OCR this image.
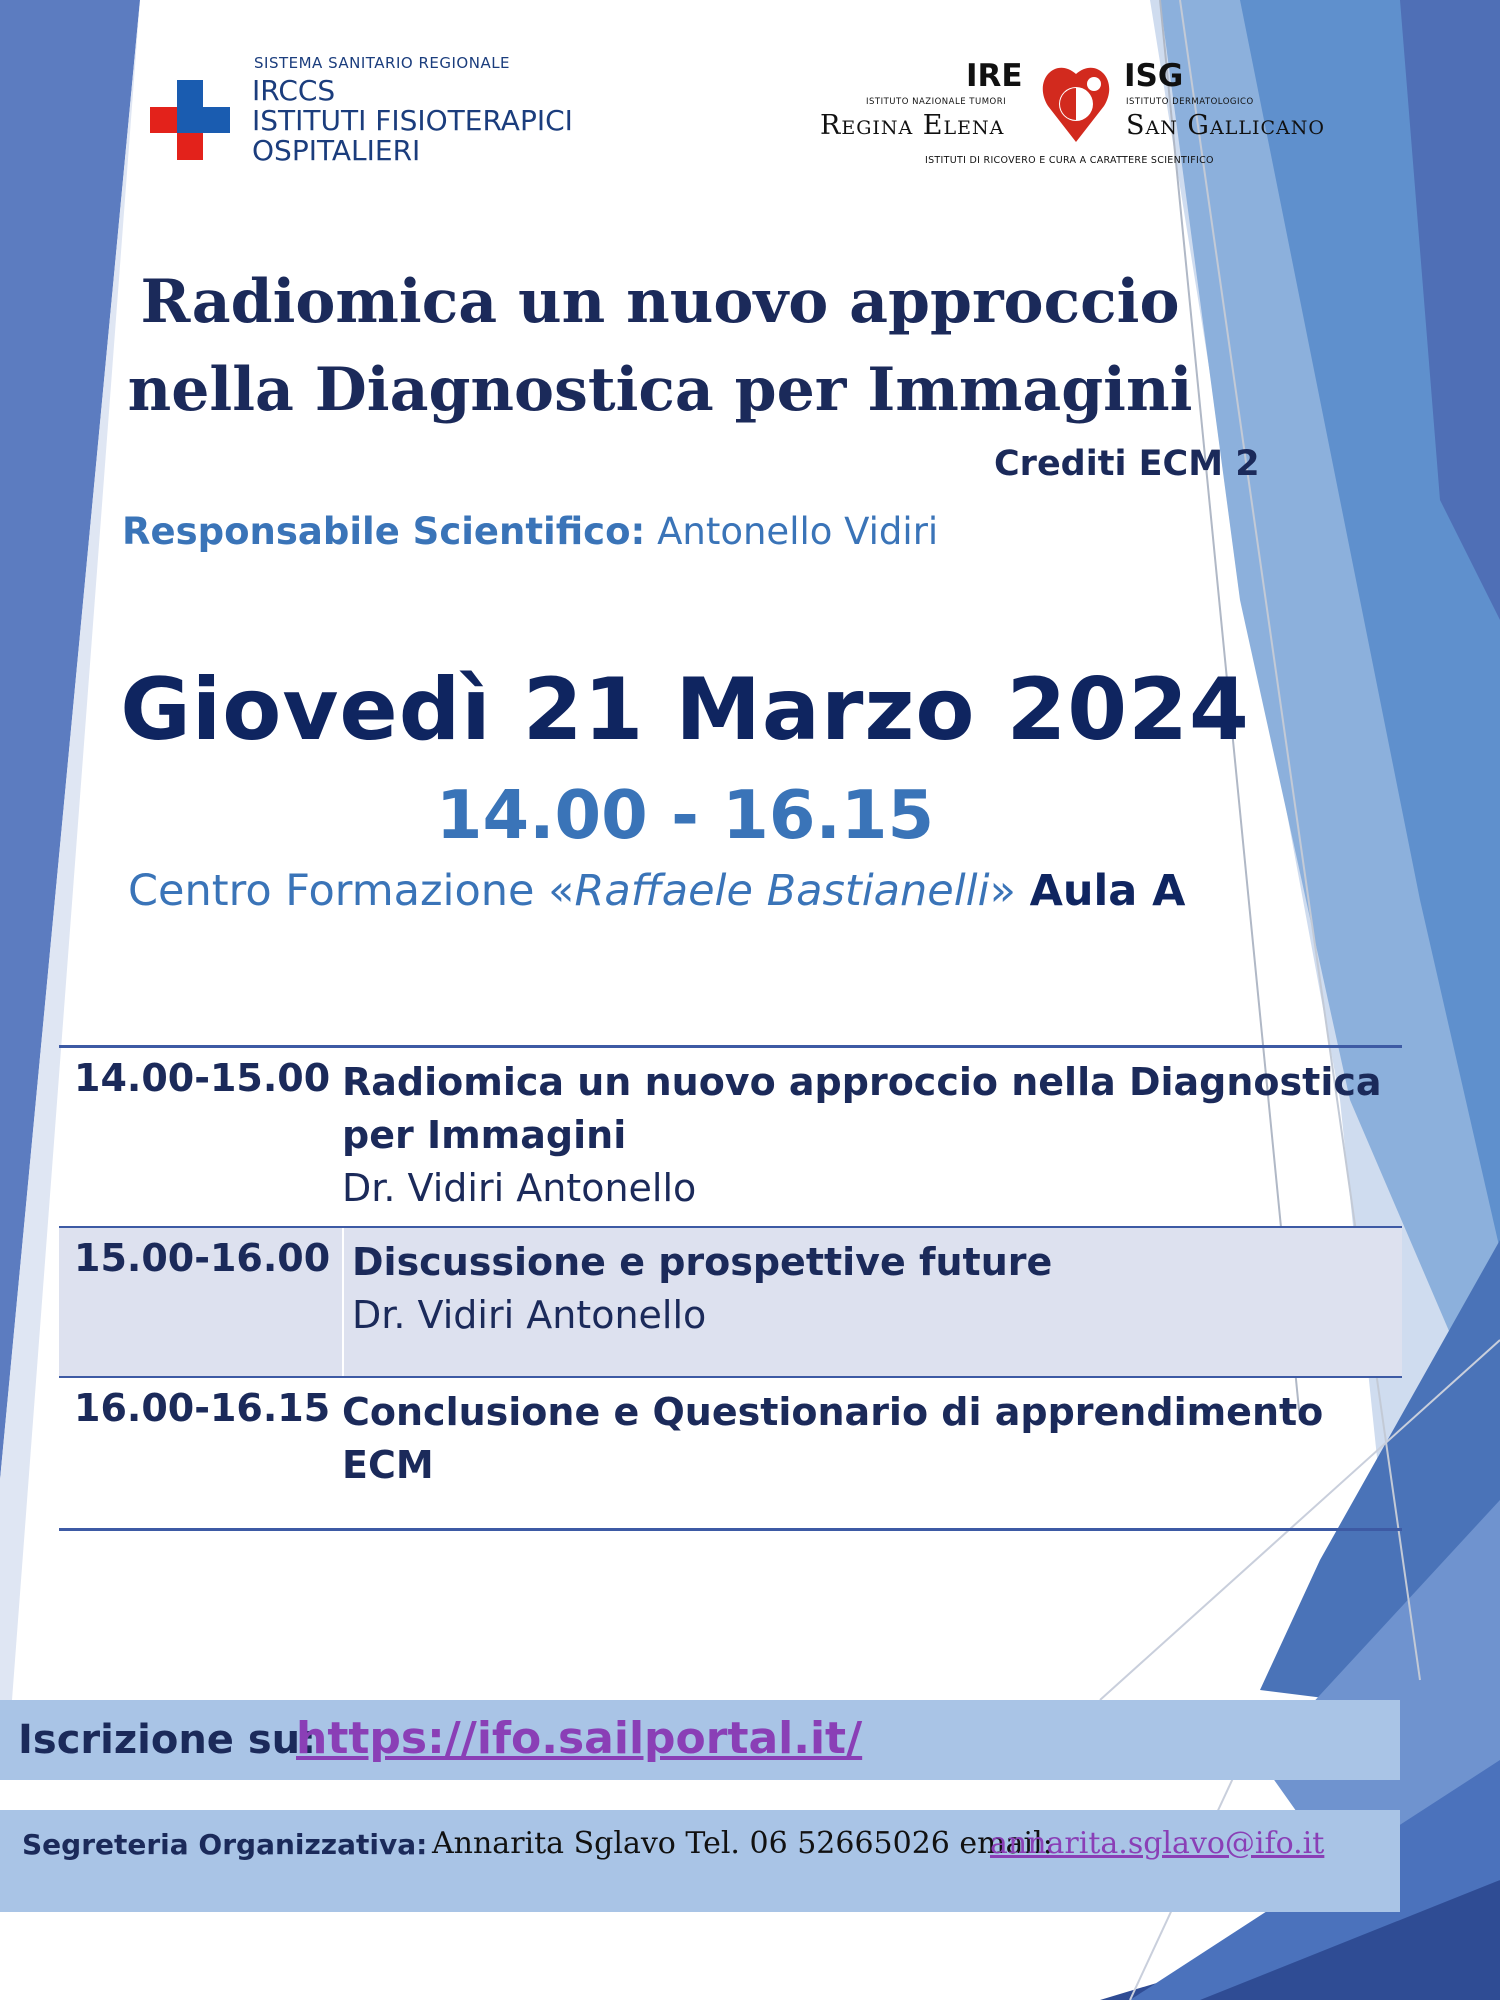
SISTEMA SANITARIO REGIONALE
IRCCS
ISTITUTI FISIOTERAPICI
OSPITALIERI
IRE
ISTITUTO NAZIONALE TUMORI
Regina Elena
ISG
ISTITUTO DERMATOLOGICO
San Gallicano
ISTITUTI DI RICOVERO E CURA A CARATTERE SCIENTIFICO
Radiomica un nuovo approccio
nella Diagnostica per Immagini
Crediti ECM 2
Responsabile Scientifico: Antonello Vidiri
Giovedì 21 Marzo 2024
14.00 - 16.15
Centro Formazione «Raffaele Bastianelli» Aula A
14.00-15.00 Radiomica un nuovo approccio nella Diagnostica per Immagini
Dr. Vidiri Antonello
15.00-16.00 Discussione e prospettive future
Dr. Vidiri Antonello
16.00-16.15 Conclusione e Questionario di apprendimento ECM
Iscrizione su:
https://ifo.sailportal.it/
Segreteria Organizzativa: Annarita Sglavo Tel. 06 52665026 email:
annarita.sglavo@ifo.it
